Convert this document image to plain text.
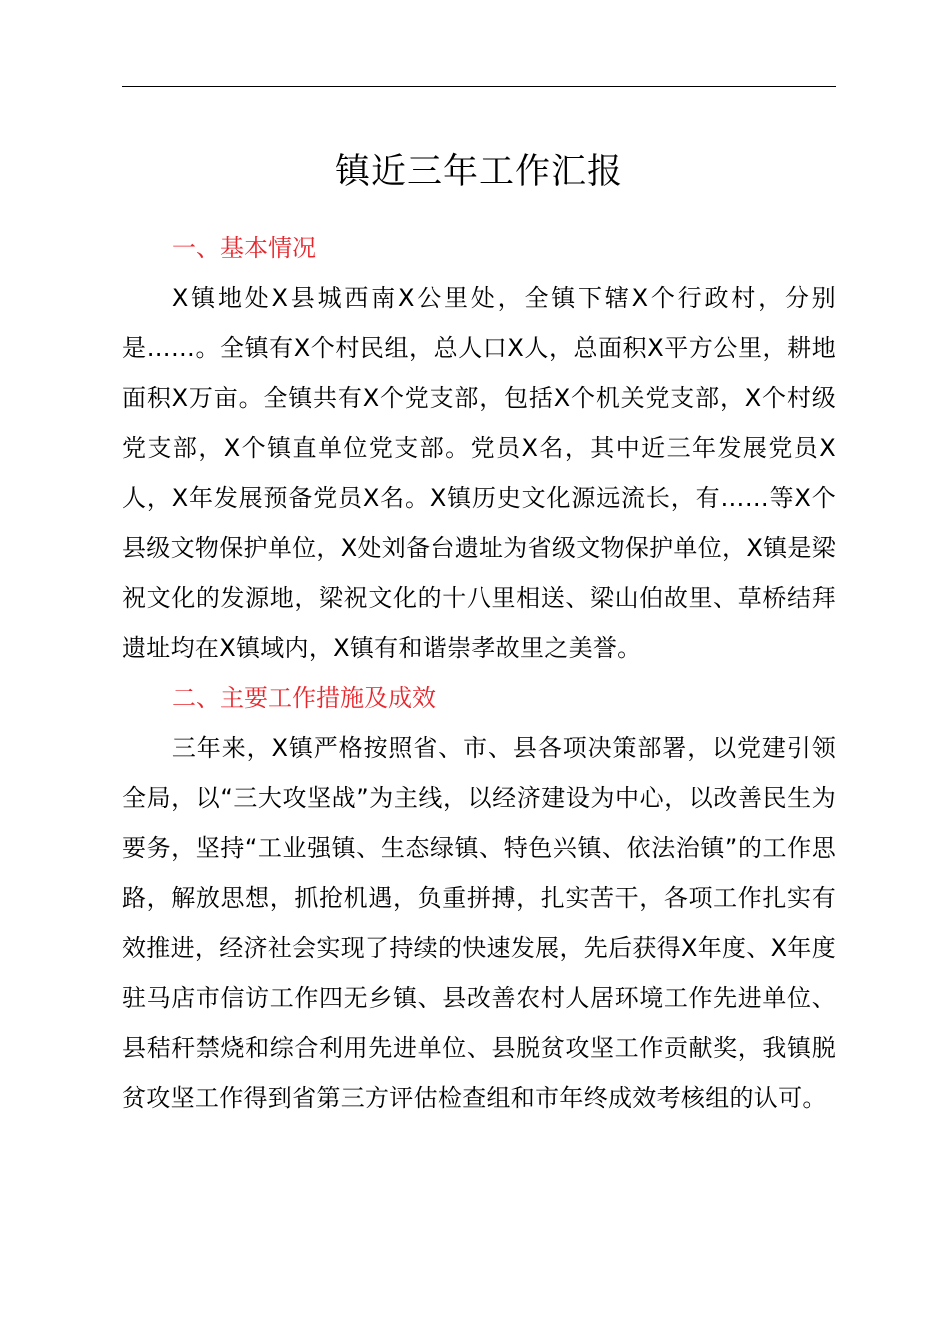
镇近三年工作汇报
一、基本情况

X镇地处X县城西南X公里处，全镇下辖X个行政村，分别是……。全镇有X个村民组，总人口X人，总面积X平方公里，耕地面积X万亩。全镇共有X个党支部，包括X个机关党支部，X个村级党支部，X个镇直单位党支部。党员X名，其中近三年发展党员X人，X年发展预备党员X名。X镇历史文化源远流长，有……等X个县级文物保护单位，X处刘备台遗址为省级文物保护单位，X镇是梁祝文化的发源地，梁祝文化的十八里相送、梁山伯故里、草桥结拜遗址均在X镇域内，X镇有和谐崇孝故里之美誉。

二、主要工作措施及成效

三年来，X镇严格按照省、市、县各项决策部署，以党建引领全局，以“三大攻坚战”为主线，以经济建设为中心，以改善民生为要务，坚持“工业强镇、生态绿镇、特色兴镇、依法治镇”的工作思路，解放思想，抓抢机遇，负重拼搏，扎实苦干，各项工作扎实有效推进，经济社会实现了持续的快速发展，先后获得X年度、X年度驻马店市信访工作四无乡镇、县改善农村人居环境工作先进单位、县秸秆禁烧和综合利用先进单位、县脱贫攻坚工作贡献奖，我镇脱贫攻坚工作得到省第三方评估检查组和市年终成效考核组的认可。
